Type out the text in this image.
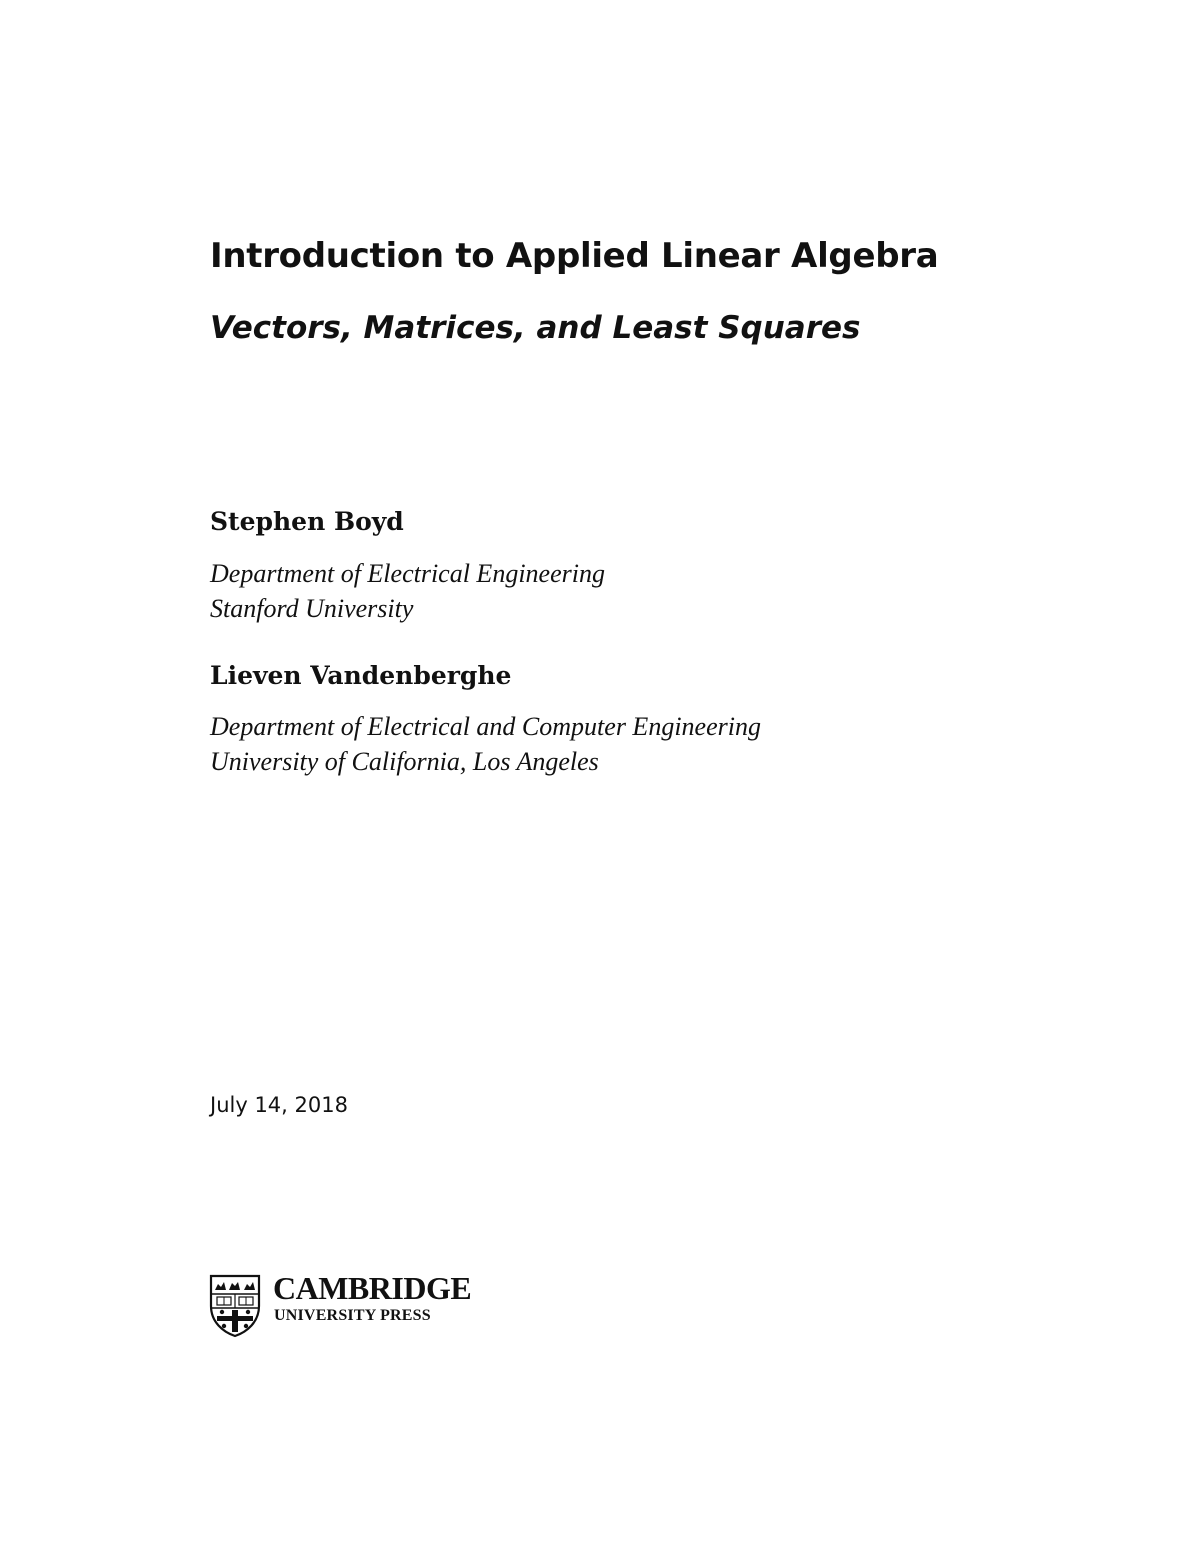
Introduction to Applied Linear Algebra
Vectors, Matrices, and Least Squares
Stephen Boyd
Department of Electrical Engineering
Stanford University
Lieven Vandenberghe
Department of Electrical and Computer Engineering
University of California, Los Angeles
July 14, 2018
CAMBRIDGE
UNIVERSITY PRESS
